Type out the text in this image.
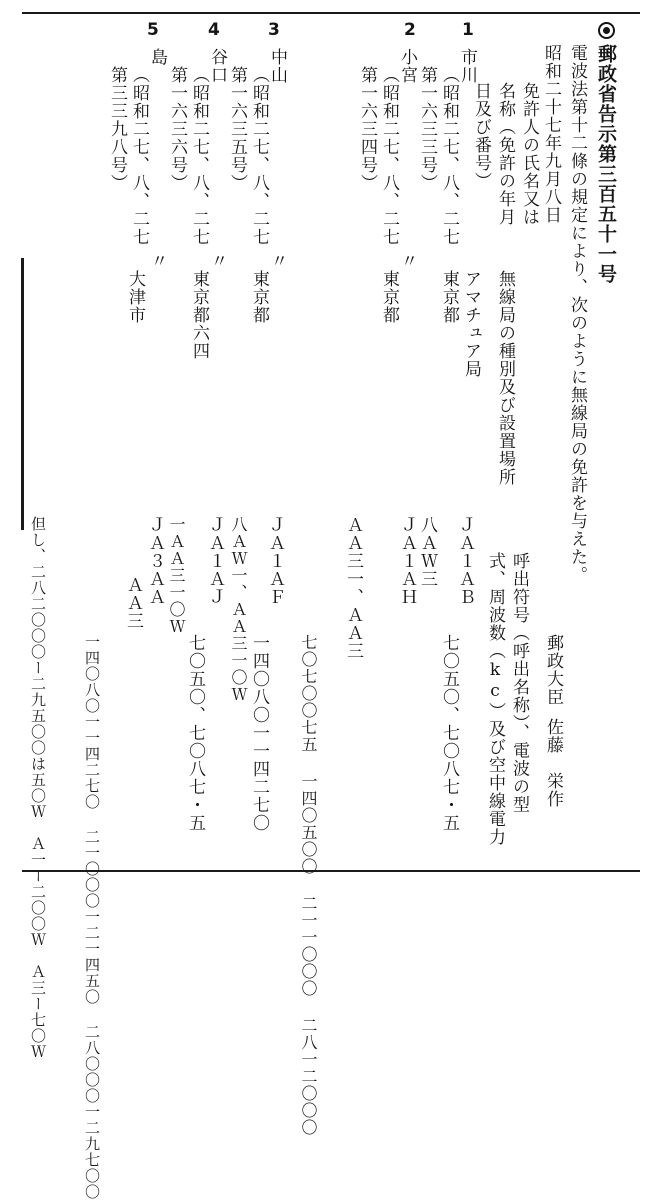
郵政省告示第三百五十一号
電波法第十二條の規定により、次のように無線局の免許を与えた。
昭和二十七年九月八日
郵政大臣
佐藤　栄作
免許人の氏名又は
名称（免許の年月
日及び番号）
無線局の種別及び設置場所
呼出符号（呼出名称）、電波の型
式、周波数（kc）及び空中線電力
1
2
3
4
5
市川
（昭和二七、八、二七
第一六三三号）
アマチュア局
東京都
ＪＡ１ＡＢ
八ＡＷ三
七〇五〇、七〇八七・五
小宮
（昭和二七、八、二七
第一六三四号）
〃
東京都
ＪＡ１ＡＨ
ＡＡ三一、ＡＡ三
七〇七〇〇七五 一四〇五〇〇 二一一〇〇〇 二八一二〇〇〇
中山
（昭和二七、八、二七
第一六三五号）
〃
東京都
ＪＡ１ＡＦ
八ＡＷ一、ＡＡ三一〇Ｗ
一四〇八〇一一四二七〇
谷口
（昭和二七、八、二七
第一六三六号）
〃
東京都六四
ＪＡ１ＡＪ
一ＡＡ三一〇Ｗ
七〇五〇、七〇八七・五
島
（昭和二七、八、二七
第三三九八号）
〃
大津市
ＪＡ３ＡＡ
ＡＡ三
一四〇八〇一一四二七〇 二一〇〇〇一二一四五〇 二八〇〇〇一二九七〇〇
但し、二八二〇〇〇ー二九五〇〇は五〇Ｗ　Ａ一ー二〇〇Ｗ　Ａ三ー七〇Ｗ
